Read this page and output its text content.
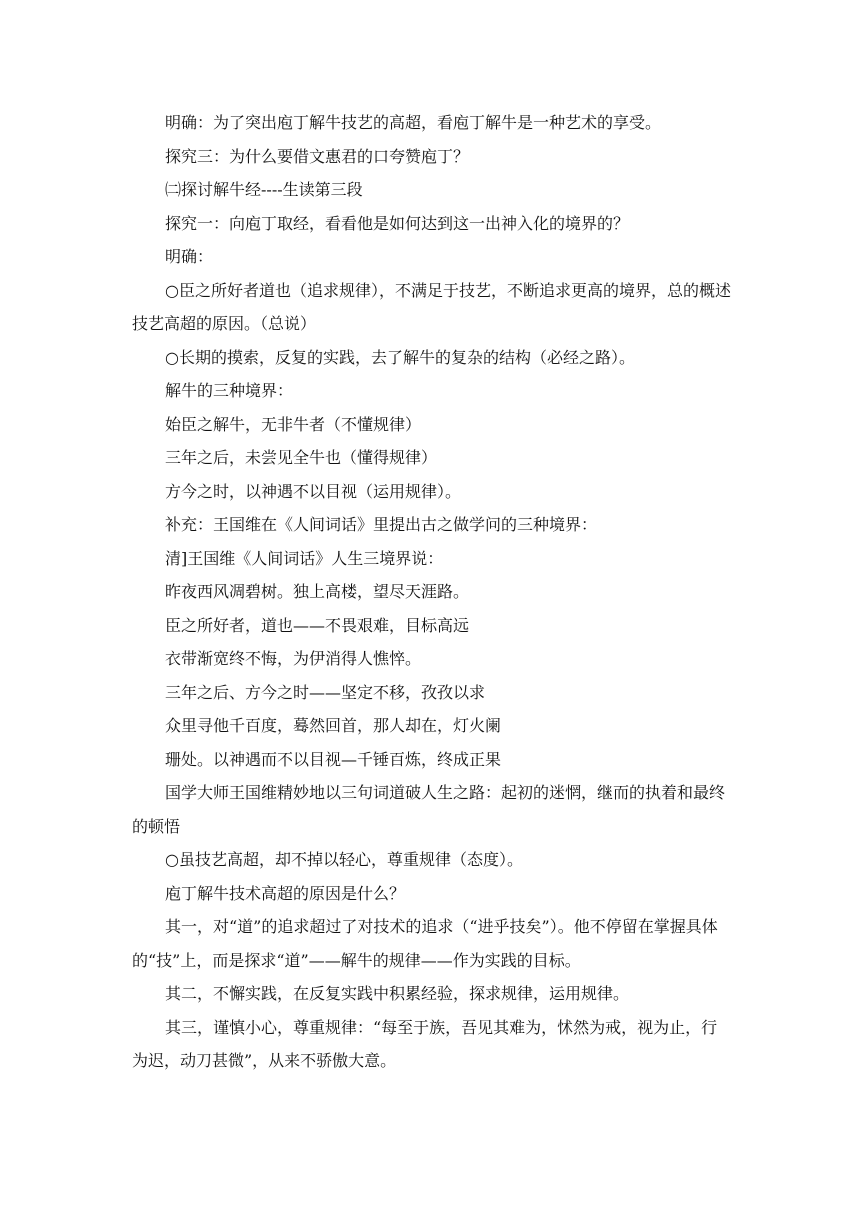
明确：为了突出庖丁解牛技艺的高超，看庖丁解牛是一种艺术的享受。

探究三：为什么要借文惠君的口夸赞庖丁？

㈡探讨解牛经----生读第三段

探究一：向庖丁取经，看看他是如何达到这一出神入化的境界的？

明确：

○臣之所好者道也（追求规律），不满足于技艺，不断追求更高的境界，总的概述技艺高超的原因。（总说）

○长期的摸索，反复的实践，去了解牛的复杂的结构（必经之路）。

解牛的三种境界：

始臣之解牛，无非牛者（不懂规律）

三年之后，未尝见全牛也（懂得规律）

方今之时，以神遇不以目视（运用规律）。

补充：王国维在《人间词话》里提出古之做学问的三种境界：

清]王国维《人间词话》人生三境界说：

昨夜西风凋碧树。独上高楼，望尽天涯路。

臣之所好者，道也——不畏艰难，目标高远

衣带渐宽终不悔，为伊消得人憔悴。

三年之后、方今之时——坚定不移，孜孜以求

众里寻他千百度，蓦然回首，那人却在，灯火阑

珊处。以神遇而不以目视—千锤百炼，终成正果

国学大师王国维精妙地以三句词道破人生之路：起初的迷惘，继而的执着和最终的顿悟

○虽技艺高超，却不掉以轻心，尊重规律（态度）。

庖丁解牛技术高超的原因是什么？

其一，对“道”的追求超过了对技术的追求（“进乎技矣”）。他不停留在掌握具体的“技”上，而是探求“道”——解牛的规律——作为实践的目标。

其二，不懈实践，在反复实践中积累经验，探求规律，运用规律。

其三，谨慎小心，尊重规律：“每至于族，吾见其难为，怵然为戒，视为止，行为迟，动刀甚微”，从来不骄傲大意。
